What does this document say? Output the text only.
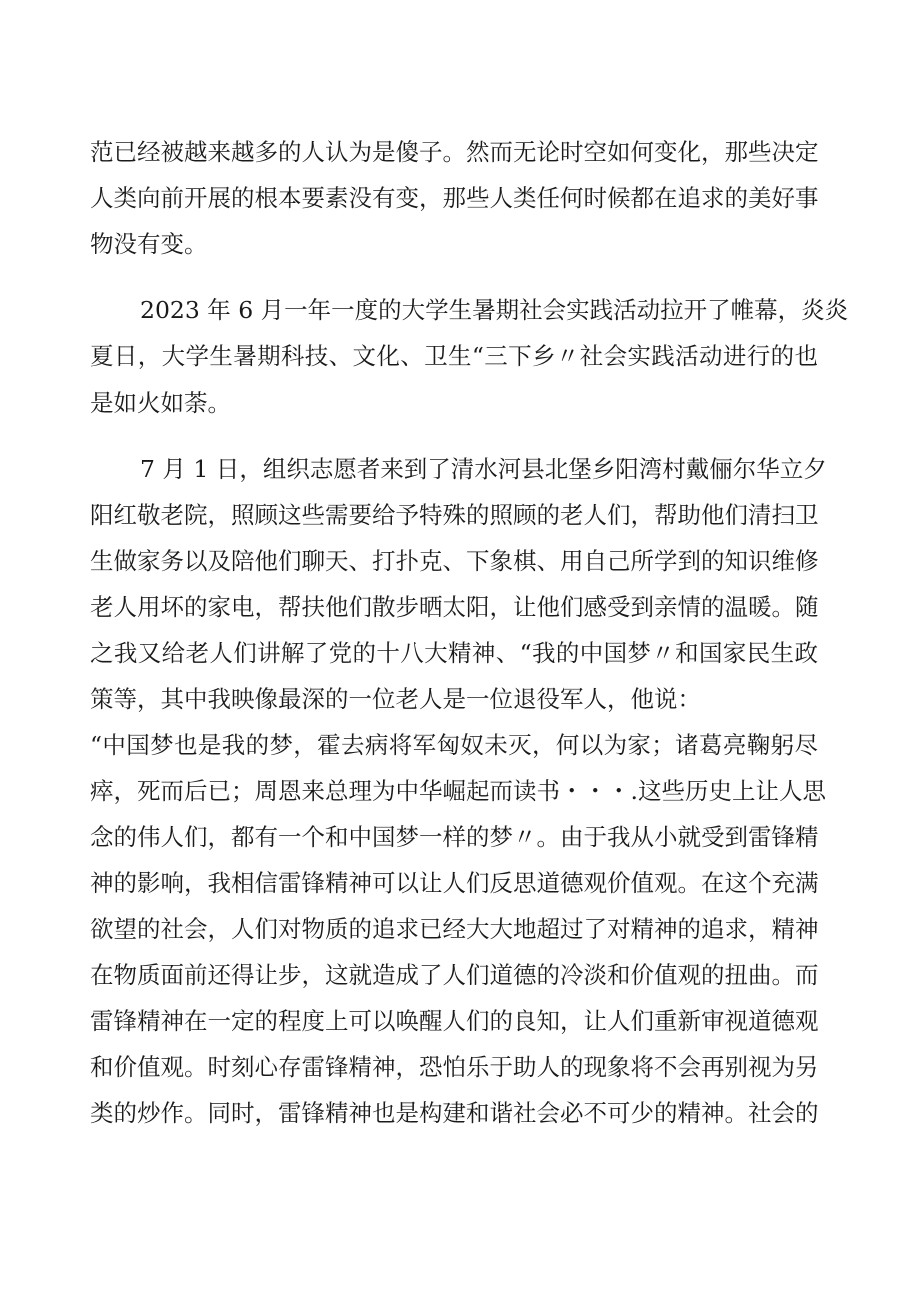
范已经被越来越多的人认为是傻子。然而无论时空如何变化，那些决定
人类向前开展的根本要素没有变，那些人类任何时候都在追求的美好事
物没有变。
2023 年 6 月一年一度的大学生暑期社会实践活动拉开了帷幕，炎炎
夏日，大学生暑期科技、文化、卫生“三下乡〃社会实践活动进行的也
是如火如荼。
7 月 1 日，组织志愿者来到了清水河县北堡乡阳湾村戴俪尔华立夕
阳红敬老院，照顾这些需要给予特殊的照顾的老人们，帮助他们清扫卫
生做家务以及陪他们聊天、打扑克、下象棋、用自己所学到的知识维修
老人用坏的家电，帮扶他们散步晒太阳，让他们感受到亲情的温暖。随
之我又给老人们讲解了党的十八大精神、“我的中国梦〃和国家民生政
策等，其中我映像最深的一位老人是一位退役军人，他说：
“中国梦也是我的梦，霍去病将军匈奴未灭，何以为家；诸葛亮鞠躬尽
瘁，死而后已；周恩来总理为中华崛起而读书・・・.这些历史上让人思
念的伟人们，都有一个和中国梦一样的梦〃。由于我从小就受到雷锋精
神的影响，我相信雷锋精神可以让人们反思道德观价值观。在这个充满
欲望的社会，人们对物质的追求已经大大地超过了对精神的追求，精神
在物质面前还得让步，这就造成了人们道德的冷淡和价值观的扭曲。而
雷锋精神在一定的程度上可以唤醒人们的良知，让人们重新审视道德观
和价值观。时刻心存雷锋精神，恐怕乐于助人的现象将不会再别视为另
类的炒作。同时，雷锋精神也是构建和谐社会必不可少的精神。社会的
